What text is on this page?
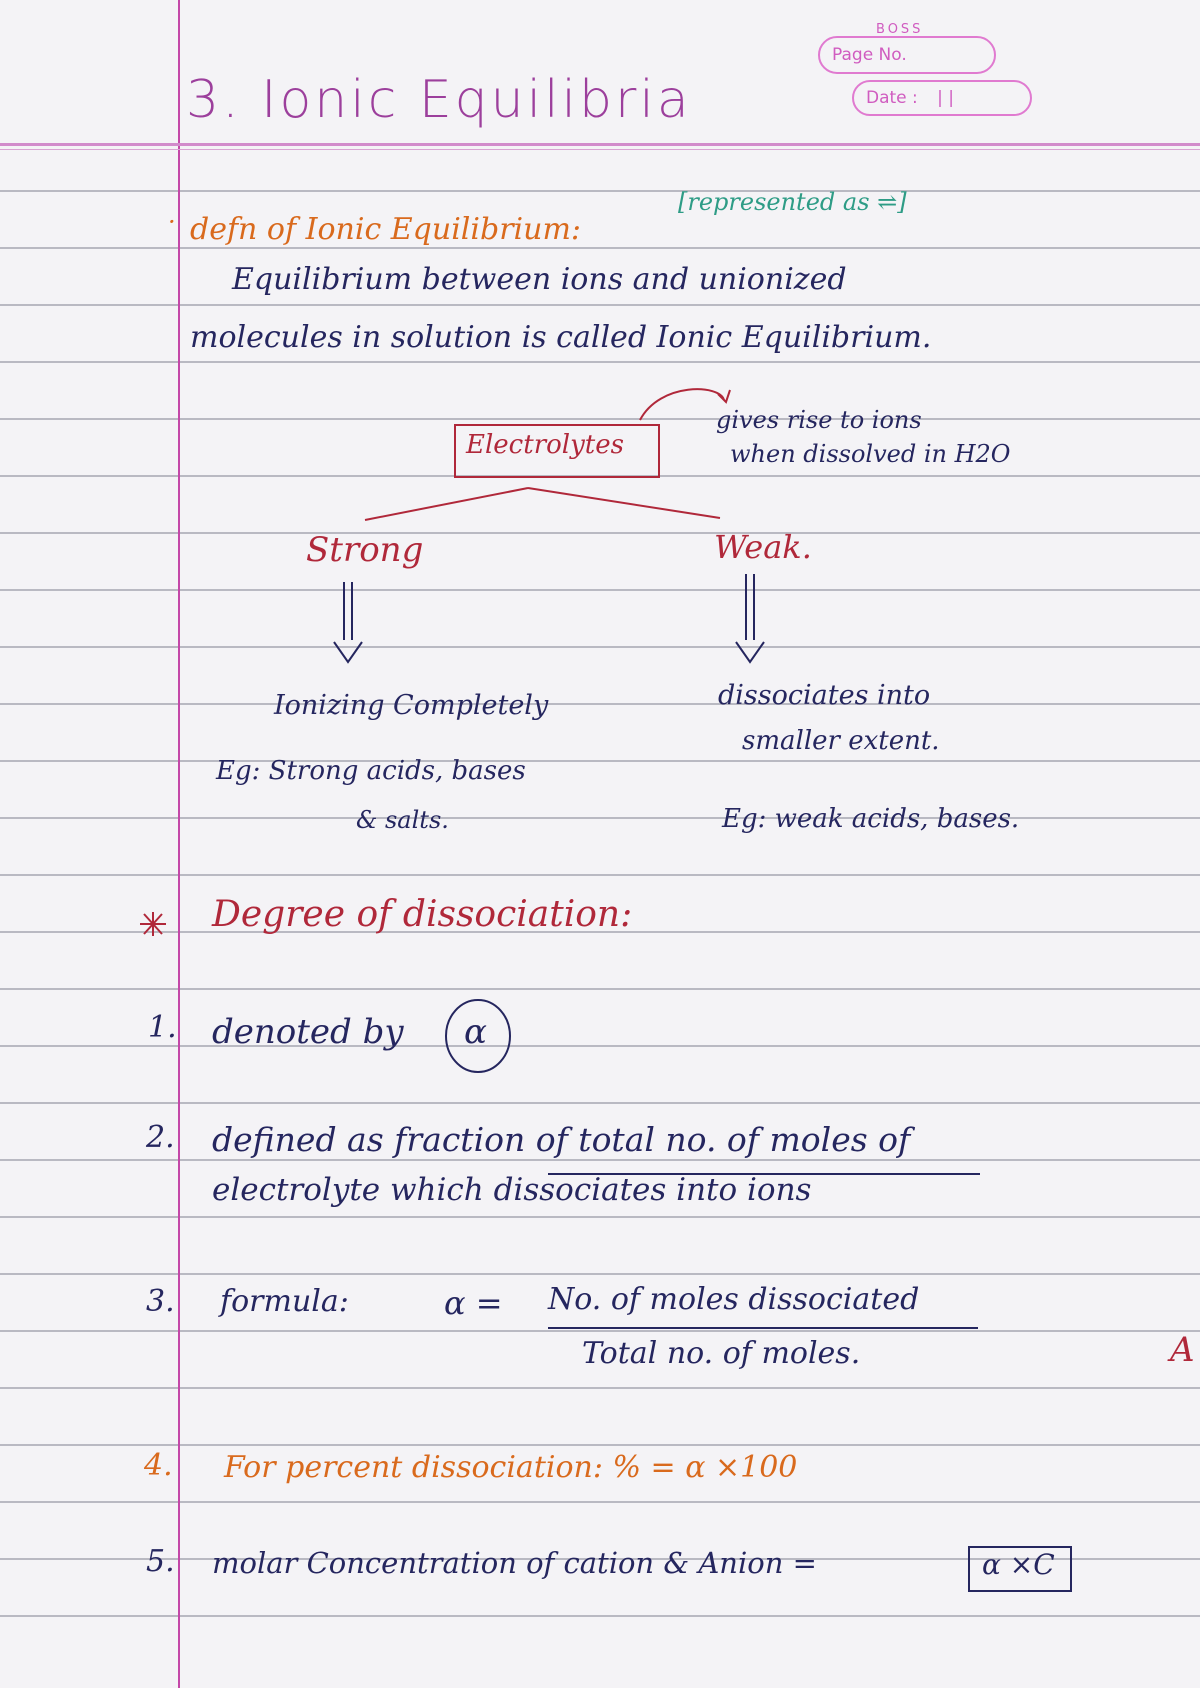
BOSS
Page No.
Date : | |
3. Ionic Equilibria
· defn of Ionic Equilibrium:
[represented as ⇌]
Equilibrium between ions and unionized
molecules in solution is called Ionic Equilibrium.
Electrolytes
gives rise to ions
when dissolved in H2O
Strong	Weak.
Ionizing Completely
Eg: Strong acids, bases
& salts.
dissociates into
smaller extent.
Eg: weak acids, bases.
Degree of dissociation:
1. denoted by α
2. defined as fraction of total no. of moles of
electrolyte which dissociates into ions
3. formula:	α = No. of moles dissociated
Total no. of moles.
4. For percent dissociation: % = α ×100
5. molar Concentration of cation & Anion =	α ×C
A
